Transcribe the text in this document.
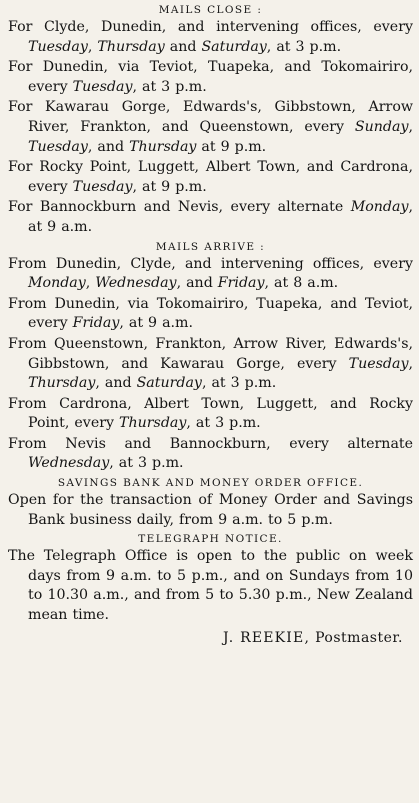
MAILS CLOSE :

For Clyde, Dunedin, and intervening offices, every Tuesday, Thursday and Saturday, at 3 p.m.

For Dunedin, via Teviot, Tuapeka, and Tokomairiro, every Tuesday, at 3 p.m.

For Kawarau Gorge, Edwards's, Gibbstown, Arrow River, Frankton, and Queenstown, every Sunday, Tuesday, and Thursday at 9 p.m.

For Rocky Point, Luggett, Albert Town, and Cardrona, every Tuesday, at 9 p.m.

For Bannockburn and Nevis, every alternate Monday, at 9 a.m.

MAILS ARRIVE :

From Dunedin, Clyde, and intervening offices, every Monday, Wednesday, and Friday, at 8 a.m.

From Dunedin, via Tokomairiro, Tuapeka, and Teviot, every Friday, at 9 a.m.

From Queenstown, Frankton, Arrow River, Edwards's, Gibbstown, and Kawarau Gorge, every Tuesday, Thursday, and Saturday, at 3 p.m.

From Cardrona, Albert Town, Luggett, and Rocky Point, every Thursday, at 3 p.m.

From Nevis and Bannockburn, every alternate Wednesday, at 3 p.m.

SAVINGS BANK AND MONEY ORDER OFFICE.

Open for the transaction of Money Order and Savings Bank business daily, from 9 a.m. to 5 p.m.

TELEGRAPH NOTICE.

The Telegraph Office is open to the public on week days from 9 a.m. to 5 p.m., and on Sundays from 10 to 10.30 a.m., and from 5 to 5.30 p.m., New Zealand mean time.

J. REEKIE, Postmaster.
